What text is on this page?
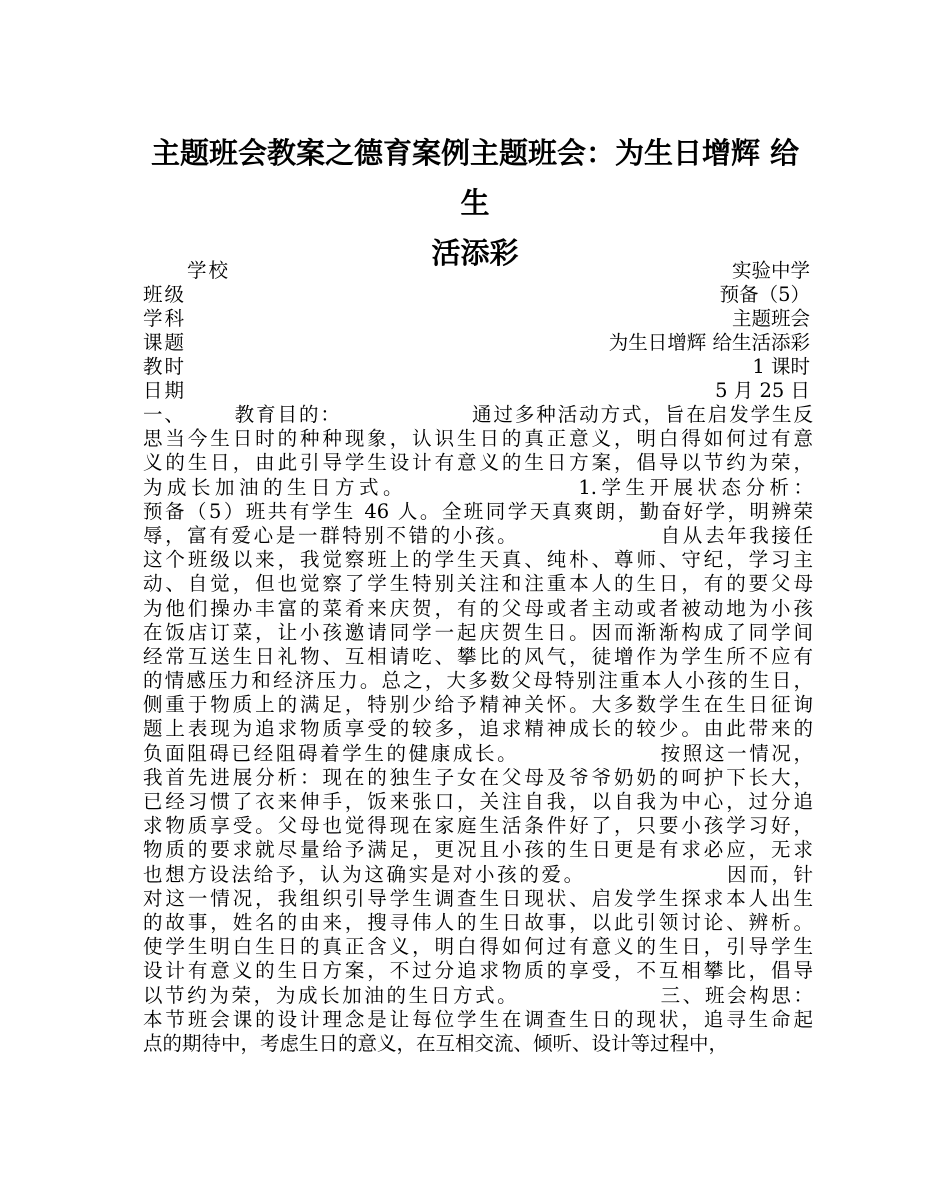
主题班会教案之德育案例主题班会：为生日增辉 给生
活添彩
学校	实验中学
班级	预备（5）
学科	主题班会
课题	为生日增辉 给生活添彩
教时	1 课时
日期	5 月 25 日
一、      教育目的：                通过多种活动方式，旨在启发学生反
思当今生日时的种种现象，认识生日的真正意义，明白得如何过有意
义的生日，由此引导学生设计有意义的生日方案，倡导以节约为荣，
为成长加油的生日方式。                1.学生开展状态分析：
预备（5）班共有学生 46 人。全班同学天真爽朗，勤奋好学，明辨荣
辱，富有爱心是一群特别不错的小孩。                自从去年我接任
这个班级以来，我觉察班上的学生天真、纯朴、尊师、守纪，学习主
动、自觉，但也觉察了学生特别关注和注重本人的生日，有的要父母
为他们操办丰富的菜肴来庆贺，有的父母或者主动或者被动地为小孩
在饭店订菜，让小孩邀请同学一起庆贺生日。因而渐渐构成了同学间
经常互送生日礼物、互相请吃、攀比的风气，徒增作为学生所不应有
的情感压力和经济压力。总之，大多数父母特别注重本人小孩的生日，
侧重于物质上的满足，特别少给予精神关怀。大多数学生在生日征询
题上表现为追求物质享受的较多，追求精神成长的较少。由此带来的
负面阻碍已经阻碍着学生的健康成长。                按照这一情况，
我首先进展分析：现在的独生子女在父母及爷爷奶奶的呵护下长大，
已经习惯了衣来伸手，饭来张口，关注自我，以自我为中心，过分追
求物质享受。父母也觉得现在家庭生活条件好了，只要小孩学习好，
物质的要求就尽量给予满足，更况且小孩的生日更是有求必应，无求
也想方设法给予，认为这确实是对小孩的爱。                因而，针
对这一情况，我组织引导学生调查生日现状、启发学生探求本人出生
的故事，姓名的由来，搜寻伟人的生日故事，以此引领讨论、辨析。
使学生明白生日的真正含义，明白得如何过有意义的生日，引导学生
设计有意义的生日方案，不过分追求物质的享受，不互相攀比，倡导
以节约为荣，为成长加油的生日方式。                三、班会构思：
本节班会课的设计理念是让每位学生在调查生日的现状，追寻生命起
点的期待中，考虑生日的意义，在互相交流、倾听、设计等过程中，
